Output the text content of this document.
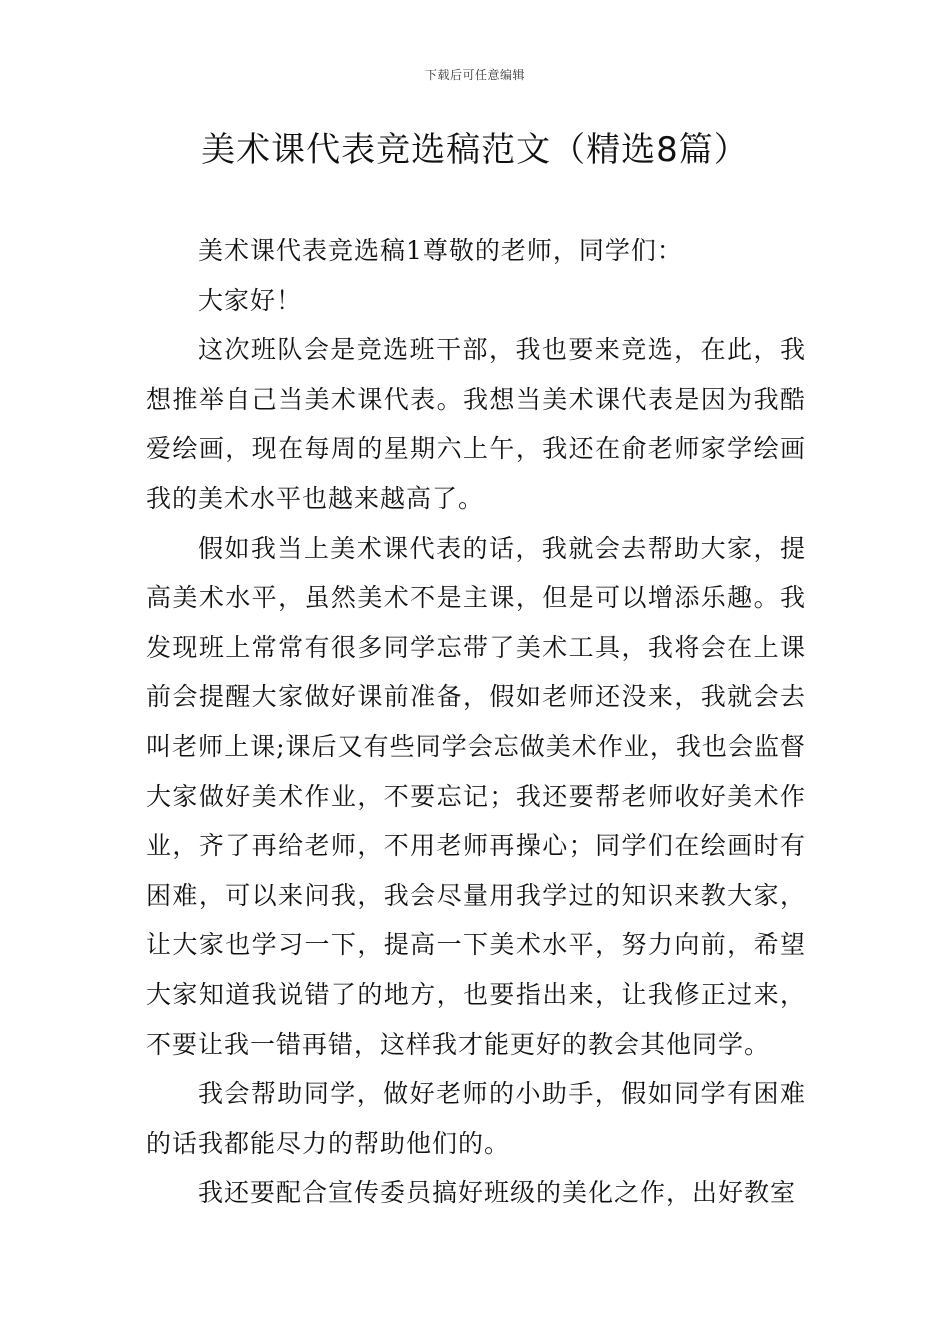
下载后可任意编辑
美术课代表竞选稿范文（精选8篇）

美术课代表竞选稿1尊敬的老师，同学们：

大家好！

这次班队会是竞选班干部，我也要来竞选，在此，我
想推举自己当美术课代表。我想当美术课代表是因为我酷
爱绘画，现在每周的星期六上午，我还在俞老师家学绘画
我的美术水平也越来越高了。

假如我当上美术课代表的话，我就会去帮助大家，提
高美术水平，虽然美术不是主课，但是可以增添乐趣。我
发现班上常常有很多同学忘带了美术工具，我将会在上课
前会提醒大家做好课前准备，假如老师还没来，我就会去
叫老师上课;课后又有些同学会忘做美术作业，我也会监督
大家做好美术作业，不要忘记；我还要帮老师收好美术作
业，齐了再给老师，不用老师再操心；同学们在绘画时有
困难，可以来问我，我会尽量用我学过的知识来教大家，
让大家也学习一下，提高一下美术水平，努力向前，希望
大家知道我说错了的地方，也要指出来，让我修正过来，
不要让我一错再错，这样我才能更好的教会其他同学。

我会帮助同学，做好老师的小助手，假如同学有困难
的话我都能尽力的帮助他们的。

我还要配合宣传委员搞好班级的美化之作，出好教室
